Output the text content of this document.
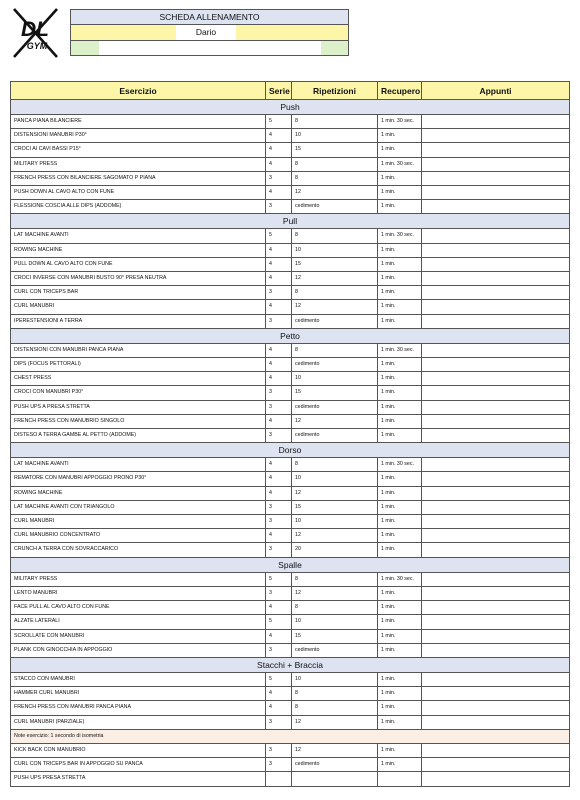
DL
GYM
SCHEDA ALLENAMENTO
Dario
Esercizio	Serie	Ripetizioni	Recupero	Appunti
Push				
PANCA PIANA BILANCIERE	5	8	1 min. 30 sec.	
DISTENSIONI MANUBRI P30°	4	10	1 min.	
CROCI AI CAVI BASSI P15°	4	15	1 min.	
MILITARY PRESS	4	8	1 min. 30 sec.	
FRENCH PRESS CON BILANCIERE SAGOMATO P PIANA	3	8	1 min.	
PUSH DOWN AL CAVO ALTO CON FUNE	4	12	1 min.	
FLESSIONE COSCIA ALLE DIPS (ADDOME)	3	cedimento	1 min.	
Pull				
LAT MACHINE AVANTI	5	8	1 min. 30 sec.	
ROWING MACHINE	4	10	1 min.	
PULL DOWN AL CAVO ALTO CON FUNE	4	15	1 min.	
CROCI INVERSE CON MANUBRI BUSTO 90° PRESA NEUTRA	4	12	1 min.	
CURL CON TRICEPS BAR	3	8	1 min.	
CURL MANUBRI	4	12	1 min.	
IPERESTENSIONI A TERRA	3	cedimento	1 min.	
Petto				
DISTENSIONI CON MANUBRI PANCA PIANA	4	8	1 min. 30 sec.	
DIPS (FOCUS PETTORALI)	4	cedimento	1 min.	
CHEST PRESS	4	10	1 min.	
CROCI CON MANUBRI P30°	3	15	1 min.	
PUSH UPS A PRESA STRETTA	3	cedimento	1 min.	
FRENCH PRESS CON MANUBRIO SINGOLO	4	12	1 min.	
DISTESO A TERRA GAMBE AL PETTO (ADDOME)	3	cedimento	1 min.	
Dorso				
LAT MACHINE AVANTI	4	8	1 min. 30 sec.	
REMATORE CON MANUBRI APPOGGIO PRONO P30°	4	10	1 min.	
ROWING MACHINE	4	12	1 min.	
LAT MACHINE AVANTI CON TRIANGOLO	3	15	1 min.	
CURL MANUBRI	3	10	1 min.	
CURL MANUBRIO CONCENTRATO	4	12	1 min.	
CRUNCH A TERRA CON SOVRACCARICO	3	20	1 min.	
Spalle				
MILITARY PRESS	5	8	1 min. 30 sec.	
LENTO MANUBRI	3	12	1 min.	
FACE PULL AL CAVO ALTO CON FUNE	4	8	1 min.	
ALZATE LATERALI	5	10	1 min.	
SCROLLATE CON MANUBRI	4	15	1 min.	
PLANK CON GINOCCHIA IN APPOGGIO	3	cedimento	1 min.	
Stacchi + Braccia				
STACCO CON MANUBRI	5	10	1 min.	
HAMMER CURL MANUBRI	4	8	1 min.	
FRENCH PRESS CON MANUBRI PANCA PIANA	4	8	1 min.	
CURL MANUBRI (PARZIALE)	3	12	1 min.	
Note esercizio: 1 secondo di isometria				
KICK BACK CON MANUBRIO	3	12	1 min.	
CURL CON TRICEPS BAR IN APPOGGIO SU PANCA	3	cedimento	1 min.	
PUSH UPS PRESA STRETTA				
